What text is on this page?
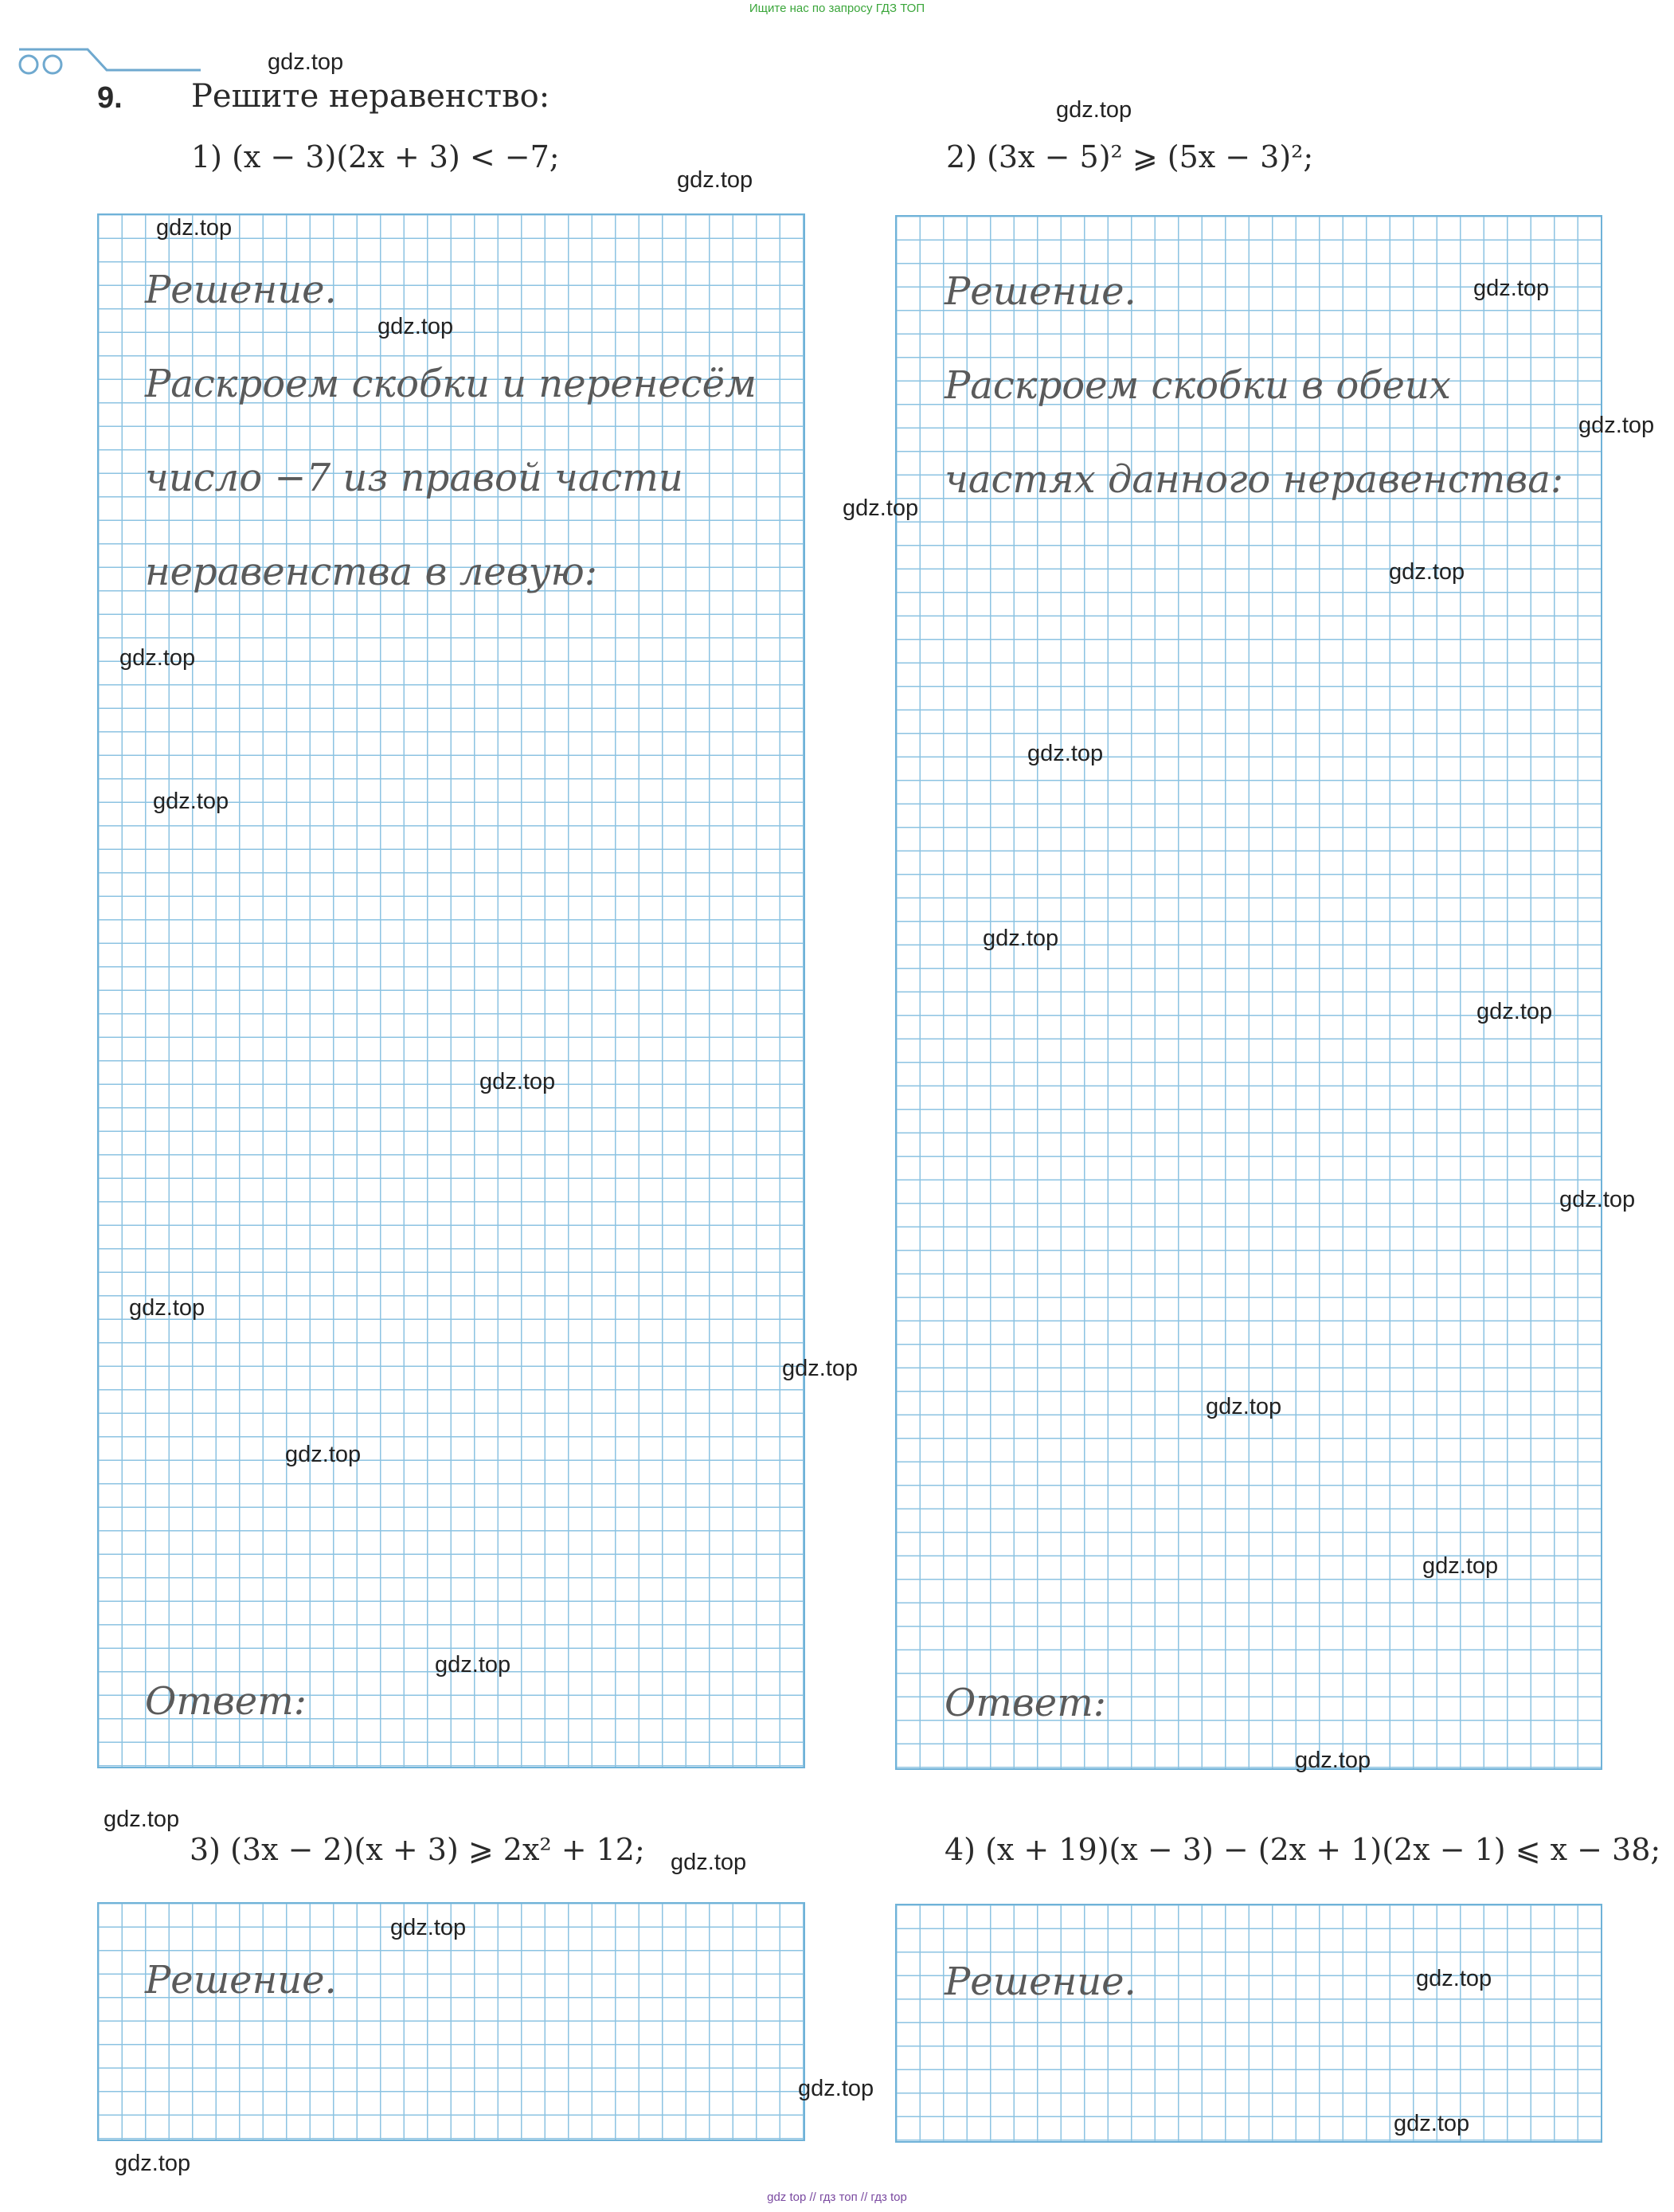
Ищите нас по запросу ГДЗ ТОП
9. Решите неравенство:
1) (x − 3)(2x + 3) < −7;	2) (3x − 5)² ⩾ (5x − 3)²;
3) (3x − 2)(x + 3) ⩾ 2x² + 12;	4) (x + 19)(x − 3) − (2x + 1)(2x − 1) ⩽ x − 38;
Решение.
Раскроем скобки и перенесём
число −7 из правой части
неравенства в левую:
Ответ:
Решение.
Раскроем скобки в обеих
частях данного неравенства:
Ответ:
Решение.	Решение.
gdz.top
gdz.top
gdz.top
gdz.top
gdz.top
gdz.top
gdz.top
gdz.top
gdz.top
gdz.top
gdz.top
gdz.top
gdz.top
gdz.top
gdz.top
gdz.top
gdz.top
gdz.top
gdz.top
gdz.top
gdz.top
gdz.top
gdz.top
gdz.top
gdz.top
gdz.top
gdz.top
gdz.top
gdz.top
gdz.top
gdz top // гдз топ // гдз top
